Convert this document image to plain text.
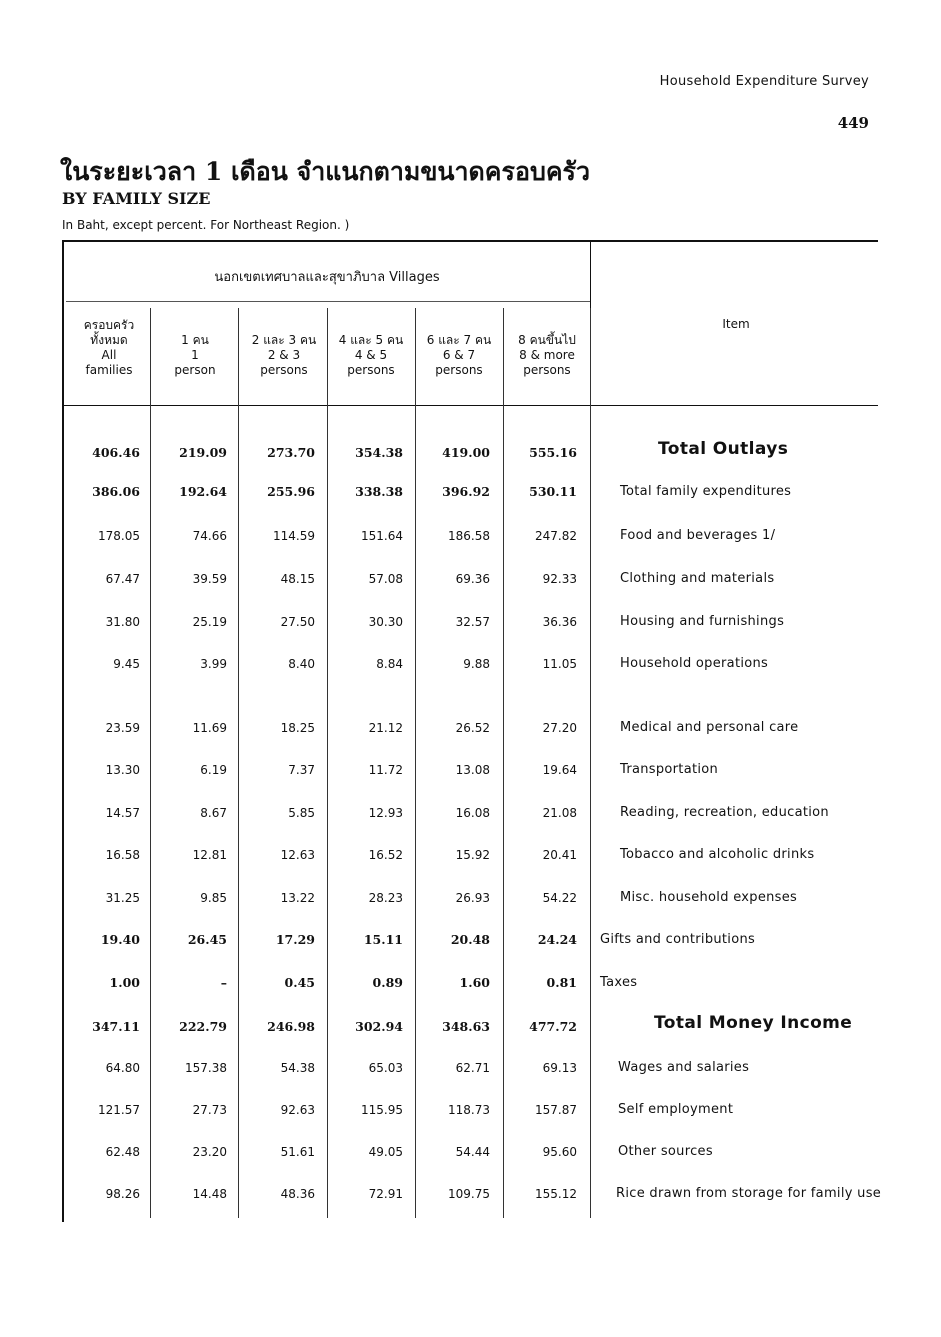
Household Expenditure Survey
449
ในระยะเวลา 1 เดือน จำแนกตามขนาดครอบครัว
BY FAMILY SIZE
In Baht, except percent. For Northeast Region. )
นอกเขตเทศบาลและสุขาภิบาล Villages
Item
ครอบครัว
ทั้งหมด
All
families
1 คน
1
person
2 และ 3 คน
2 & 3
persons
4 และ 5 คน
4 & 5
persons
6 และ 7 คน
6 & 7
persons
8 คนขึ้นไป
8 & more
persons
406.46	219.09	273.70	354.38	419.00	555.16	Total Outlays
386.06	192.64	255.96	338.38	396.92	530.11	Total family expenditures
178.05	74.66	114.59	151.64	186.58	247.82	Food and beverages 1/
67.47	39.59	48.15	57.08	69.36	92.33	Clothing and materials
31.80	25.19	27.50	30.30	32.57	36.36	Housing and furnishings
9.45	3.99	8.40	8.84	9.88	11.05	Household operations
23.59	11.69	18.25	21.12	26.52	27.20	Medical and personal care
13.30	6.19	7.37	11.72	13.08	19.64	Transportation
14.57	8.67	5.85	12.93	16.08	21.08	Reading, recreation, education
16.58	12.81	12.63	16.52	15.92	20.41	Tobacco and alcoholic drinks
31.25	9.85	13.22	28.23	26.93	54.22	Misc. household expenses
19.40	26.45	17.29	15.11	20.48	24.24 Gifts and contributions
1.00	–	0.45	0.89	1.60	0.81 Taxes
347.11	222.79	246.98	302.94	348.63	477.72	Total Money Income
64.80	157.38	54.38	65.03	62.71	69.13	Wages and salaries
121.57	27.73	92.63	115.95	118.73	157.87	Self employment
62.48	23.20	51.61	49.05	54.44	95.60	Other sources
98.26	14.48	48.36	72.91	109.75	155.12	Rice drawn from storage for family use
